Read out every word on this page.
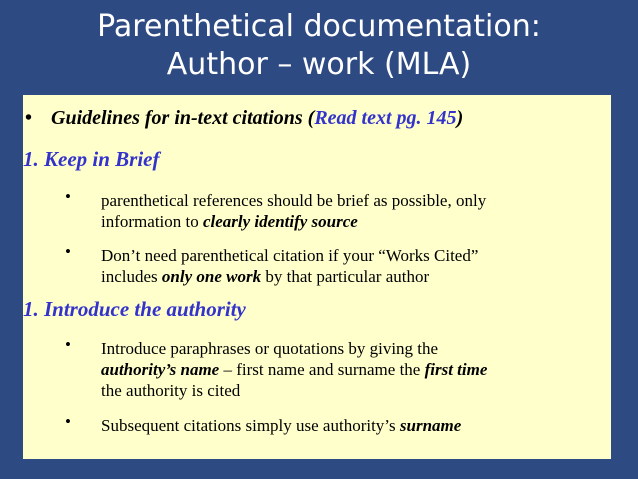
Parenthetical documentation:
Author – work (MLA)
• Guidelines for in-text citations (Read text pg. 145)
1. Keep in Brief
• parenthetical references should be brief as possible, only
information to clearly identify source
• Don’t need parenthetical citation if your “Works Cited”
includes only one work by that particular author
1. Introduce the authority
• Introduce paraphrases or quotations by giving the
authority’s name – first name and surname the first time
the authority is cited
• Subsequent citations simply use authority’s surname
